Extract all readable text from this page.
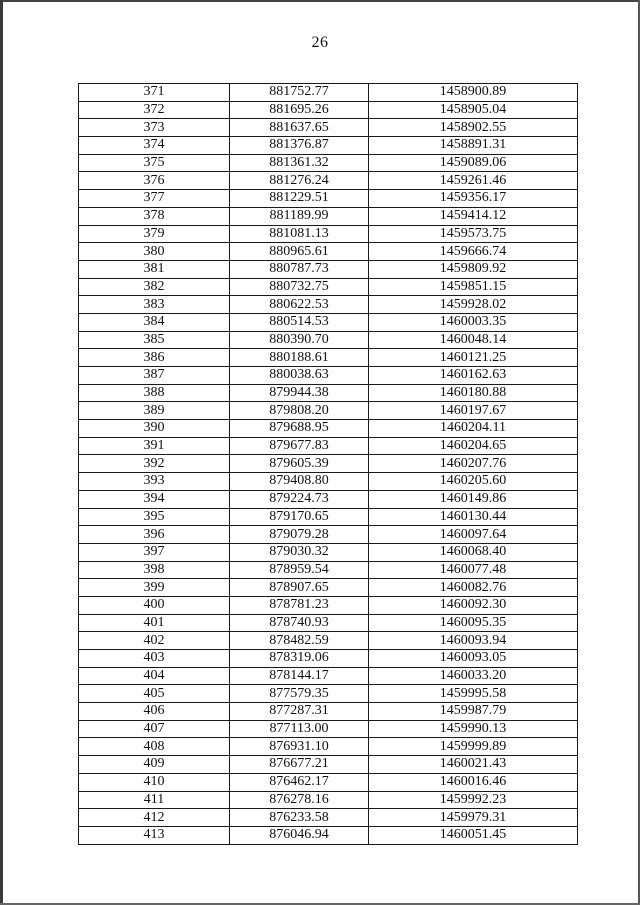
26
371	881752.77	1458900.89
372	881695.26	1458905.04
373	881637.65	1458902.55
374	881376.87	1458891.31
375	881361.32	1459089.06
376	881276.24	1459261.46
377	881229.51	1459356.17
378	881189.99	1459414.12
379	881081.13	1459573.75
380	880965.61	1459666.74
381	880787.73	1459809.92
382	880732.75	1459851.15
383	880622.53	1459928.02
384	880514.53	1460003.35
385	880390.70	1460048.14
386	880188.61	1460121.25
387	880038.63	1460162.63
388	879944.38	1460180.88
389	879808.20	1460197.67
390	879688.95	1460204.11
391	879677.83	1460204.65
392	879605.39	1460207.76
393	879408.80	1460205.60
394	879224.73	1460149.86
395	879170.65	1460130.44
396	879079.28	1460097.64
397	879030.32	1460068.40
398	878959.54	1460077.48
399	878907.65	1460082.76
400	878781.23	1460092.30
401	878740.93	1460095.35
402	878482.59	1460093.94
403	878319.06	1460093.05
404	878144.17	1460033.20
405	877579.35	1459995.58
406	877287.31	1459987.79
407	877113.00	1459990.13
408	876931.10	1459999.89
409	876677.21	1460021.43
410	876462.17	1460016.46
411	876278.16	1459992.23
412	876233.58	1459979.31
413	876046.94	1460051.45
